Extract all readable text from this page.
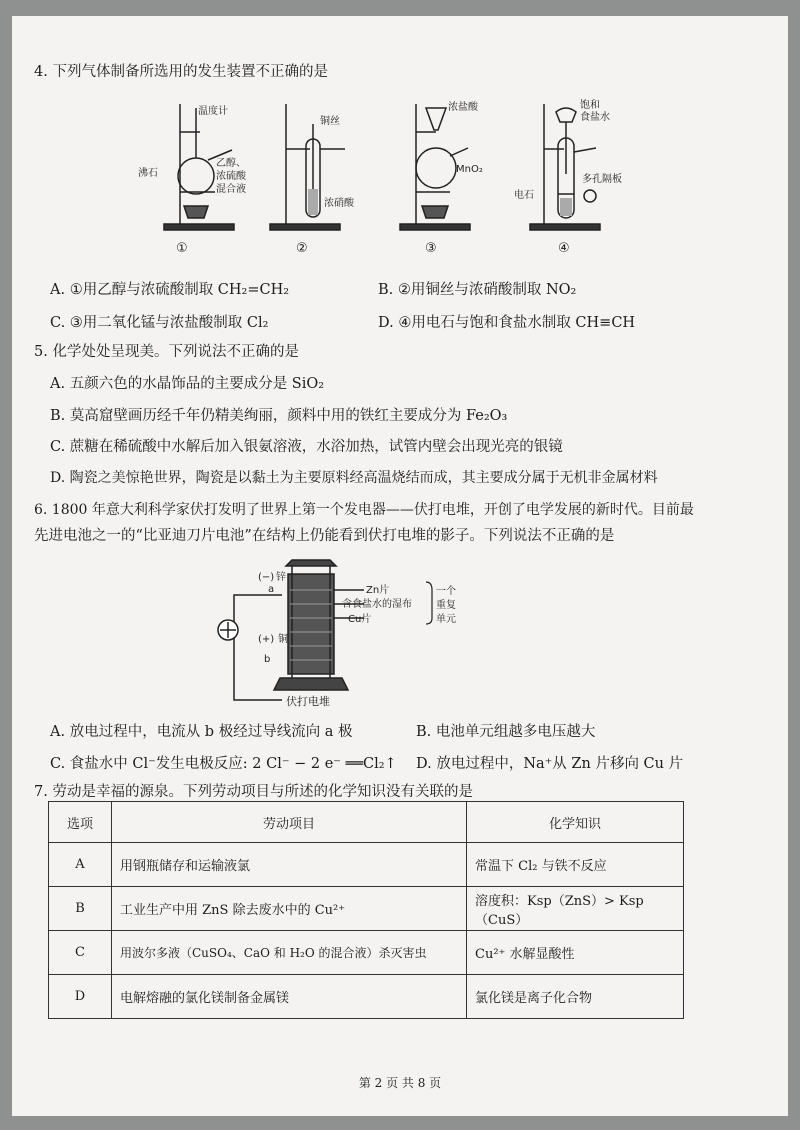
4. 下列气体制备所选用的发生装置不正确的是
温度计
沸石
乙醇、
浓硫酸
混合液
①
铜丝
浓硝酸
②
浓盐酸
MnO₂
③
饱和
食盐水
多孔隔板
电石
④
A. ①用乙醇与浓硫酸制取 CH₂=CH₂	B. ②用铜丝与浓硝酸制取 NO₂
C. ③用二氧化锰与浓盐酸制取 Cl₂	D. ④用电石与饱和食盐水制取 CH≡CH
5. 化学处处呈现美。下列说法不正确的是
A. 五颜六色的水晶饰品的主要成分是 SiO₂
B. 莫高窟壁画历经千年仍精美绚丽，颜料中用的铁红主要成分为 Fe₂O₃
C. 蔗糖在稀硫酸中水解后加入银氨溶液，水浴加热，试管内壁会出现光亮的银镜
D. 陶瓷之美惊艳世界，陶瓷是以黏土为主要原料经高温烧结而成，其主要成分属于无机非金属材料
6. 1800 年意大利科学家伏打发明了世界上第一个发电器——伏打电堆，开创了电学发展的新时代。目前最
先进电池之一的“比亚迪刀片电池”在结构上仍能看到伏打电堆的影子。下列说法不正确的是
(−)
a
锌
(+) 铜
b
Zn片
含食盐水的湿布
Cu片
一个
重复
单元
伏打电堆
A. 放电过程中，电流从 b 极经过导线流向 a 极	B. 电池单元组越多电压越大
C. 食盐水中 Cl⁻发生电极反应: 2 Cl⁻ − 2 e⁻ ══Cl₂↑ D. 放电过程中，Na⁺从 Zn 片移向 Cu 片
7. 劳动是幸福的源泉。下列劳动项目与所述的化学知识没有关联的是
选项	劳动项目	化学知识
A	用钢瓶储存和运输液氯	常温下 Cl₂ 与铁不反应
B	工业生产中用 ZnS 除去废水中的 Cu²⁺	溶度积：Ksp（ZnS）> Ksp（CuS）
C	用波尔多液（CuSO₄、CaO 和 H₂O 的混合液）杀灭害虫	Cu²⁺ 水解显酸性
D	电解熔融的氯化镁制备金属镁	氯化镁是离子化合物
第 2 页 共 8 页
